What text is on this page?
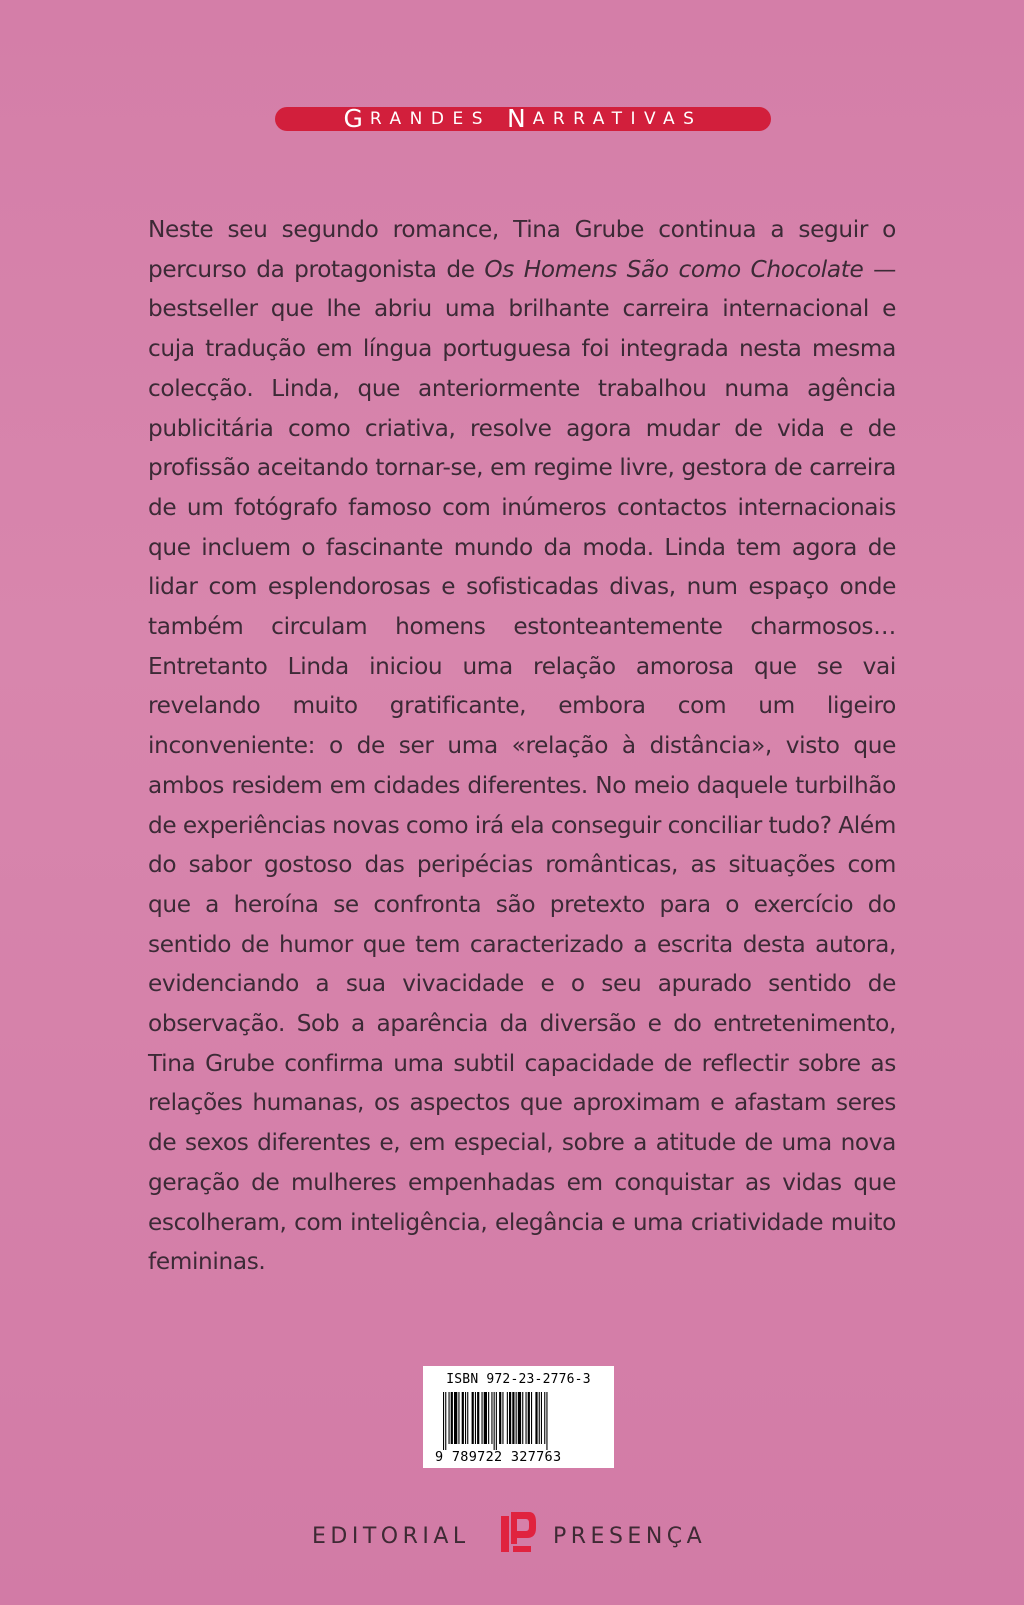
G RANDES N ARRATIVAS

Neste seu segundo romance, Tina Grube continua a seguir o percurso da protagonista de Os Homens São como Chocolate — bestseller que lhe abriu uma brilhante carreira internacional e cuja tradução em língua portuguesa foi integrada nesta mesma colecção. Linda, que anteriormente trabalhou numa agência publicitária como criativa, resolve agora mudar de vida e de profissão aceitando tornar-se, em regime livre, gestora de carreira de um fotógrafo famoso com inúmeros contactos internacionais que incluem o fascinante mundo da moda. Linda tem agora de lidar com esplendorosas e sofisticadas divas, num espaço onde também circulam homens estonteantemente charmosos… Entretanto Linda iniciou uma relação amorosa que se vai revelando muito gratificante, embora com um ligeiro inconveniente: o de ser uma «relação à distância», visto que ambos residem em cidades diferentes. No meio daquele turbilhão de experiências novas como irá ela conseguir conciliar tudo? Além do sabor gostoso das peripécias românticas, as situações com que a heroína se confronta são pretexto para o exercício do sentido de humor que tem caracterizado a escrita desta autora, evidenciando a sua vivacidade e o seu apurado sentido de observação. Sob a aparência da diversão e do entretenimento, Tina Grube confirma uma subtil capacidade de reflectir sobre as relações humanas, os aspectos que aproximam e afastam seres de sexos diferentes e, em especial, sobre a atitude de uma nova geração de mulheres empenhadas em conquistar as vidas que escolheram, com inteligência, elegância e uma criatividade muito femininas.

ISBN 972-23-2776-3
9 789722 327763
EDITORIAL	PRESENÇA
